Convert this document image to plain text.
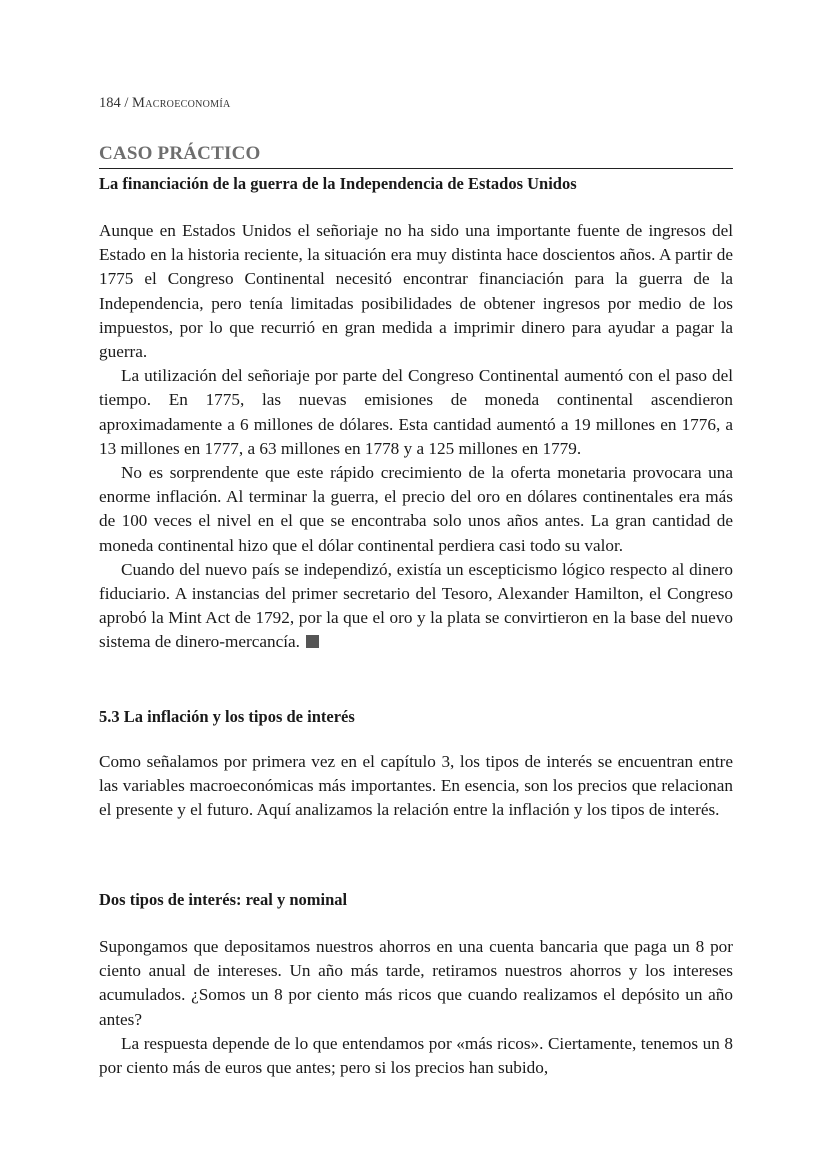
184 / Macroeconomía
CASO PRÁCTICO
La financiación de la guerra de la Independencia de Estados Unidos

Aunque en Estados Unidos el señoriaje no ha sido una importante fuente de ingresos del Estado en la historia reciente, la situación era muy distinta hace doscientos años. A partir de 1775 el Congreso Continental necesitó encontrar financiación para la guerra de la Independencia, pero tenía limitadas posibilidades de obtener ingresos por medio de los impuestos, por lo que recurrió en gran medida a imprimir dinero para ayudar a pagar la guerra.

La utilización del señoriaje por parte del Congreso Continental aumentó con el paso del tiempo. En 1775, las nuevas emisiones de moneda continental ascendieron aproximadamente a 6 millones de dólares. Esta cantidad aumentó a 19 millones en 1776, a 13 millones en 1777, a 63 millones en 1778 y a 125 millones en 1779.

No es sorprendente que este rápido crecimiento de la oferta monetaria provocara una enorme inflación. Al terminar la guerra, el precio del oro en dólares continentales era más de 100 veces el nivel en el que se encontraba solo unos años antes. La gran cantidad de moneda continental hizo que el dólar continental perdiera casi todo su valor.

Cuando del nuevo país se independizó, existía un escepticismo lógico respecto al dinero fiduciario. A instancias del primer secretario del Tesoro, Alexander Hamilton, el Congreso aprobó la Mint Act de 1792, por la que el oro y la plata se convirtieron en la base del nuevo sistema de dinero-mercancía.

5.3 La inflación y los tipos de interés

Como señalamos por primera vez en el capítulo 3, los tipos de interés se encuentran entre las variables macroeconómicas más importantes. En esencia, son los precios que relacionan el presente y el futuro. Aquí analizamos la relación entre la inflación y los tipos de interés.

Dos tipos de interés: real y nominal

Supongamos que depositamos nuestros ahorros en una cuenta bancaria que paga un 8 por ciento anual de intereses. Un año más tarde, retiramos nuestros ahorros y los intereses acumulados. ¿Somos un 8 por ciento más ricos que cuando realizamos el depósito un año antes?

La respuesta depende de lo que entendamos por «más ricos». Ciertamente, tenemos un 8 por ciento más de euros que antes; pero si los precios han subido,
